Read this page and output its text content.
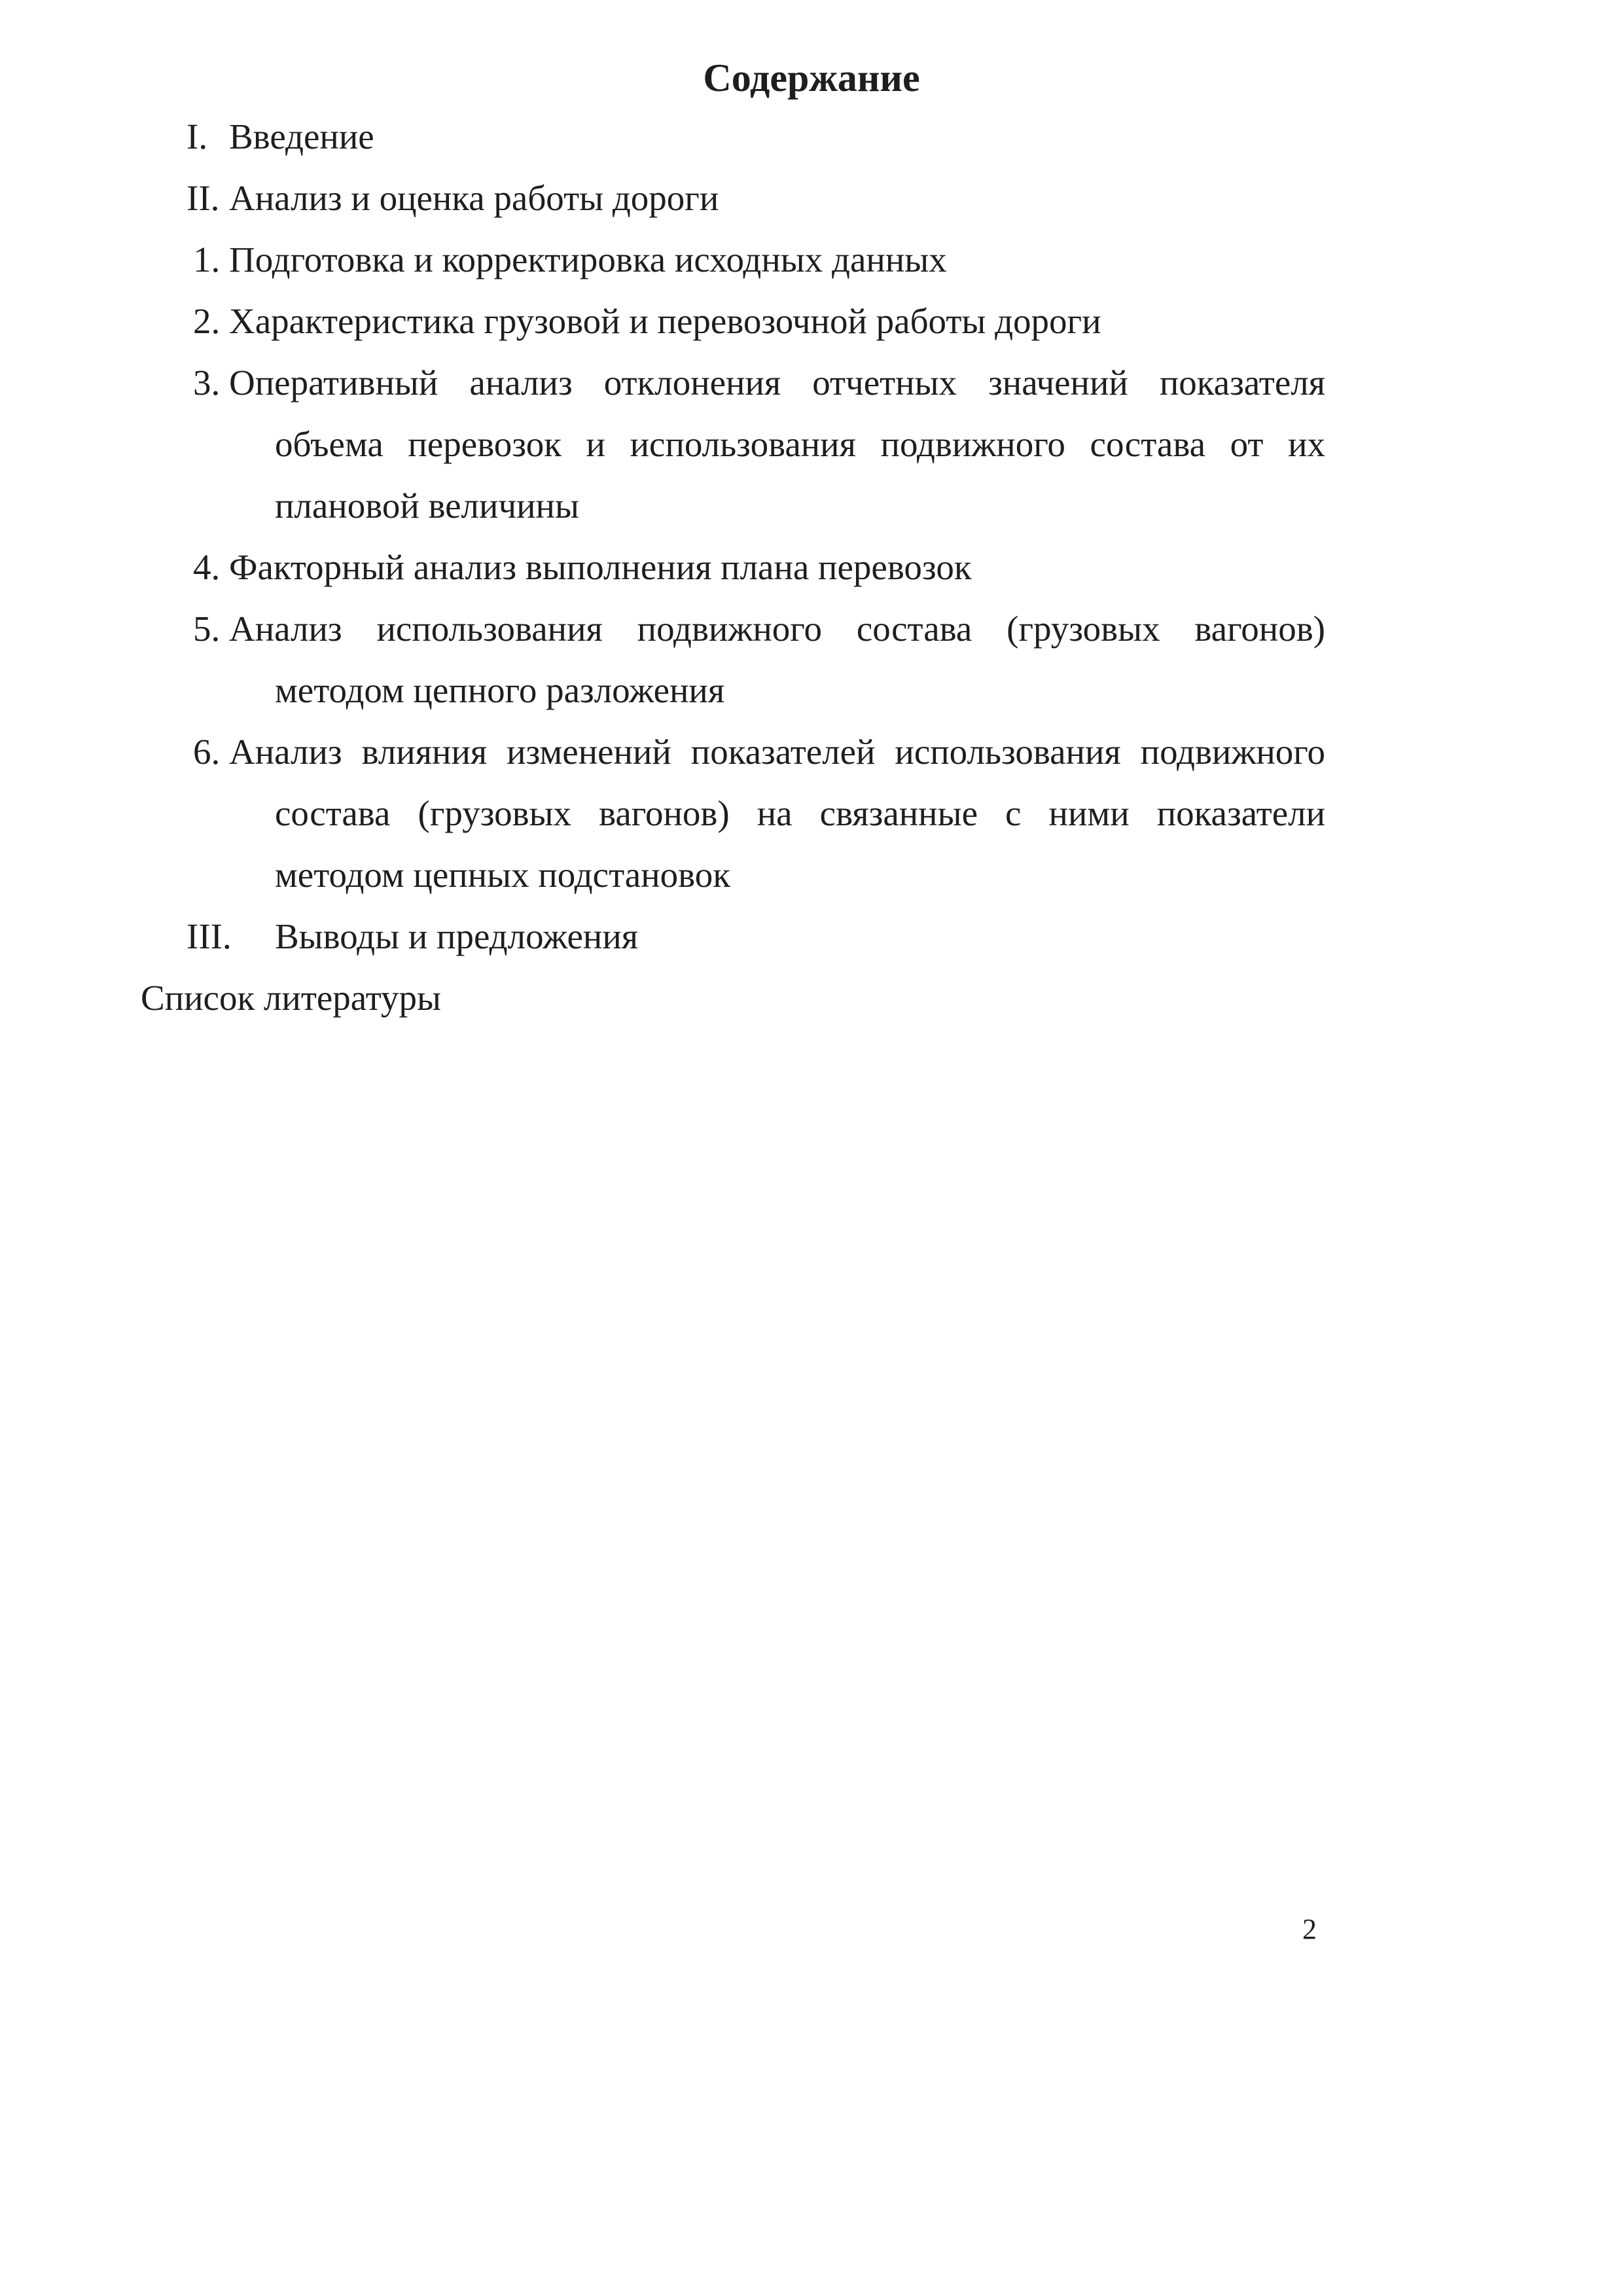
Содержание
I. Введение
II. Анализ и оценка работы дороги
1. Подготовка и корректировка исходных данных
2. Характеристика грузовой и перевозочной работы дороги
3. Оперативный анализ отклонения отчетных значений показателя объема перевозок и использования подвижного состава от их плановой величины
4. Факторный анализ выполнения плана перевозок
5. Анализ использования подвижного состава (грузовых вагонов) методом цепного разложения
6. Анализ влияния изменений показателей использования подвижного состава (грузовых вагонов) на связанные с ними показатели методом цепных подстановок
III. Выводы и предложения
Список литературы
2
